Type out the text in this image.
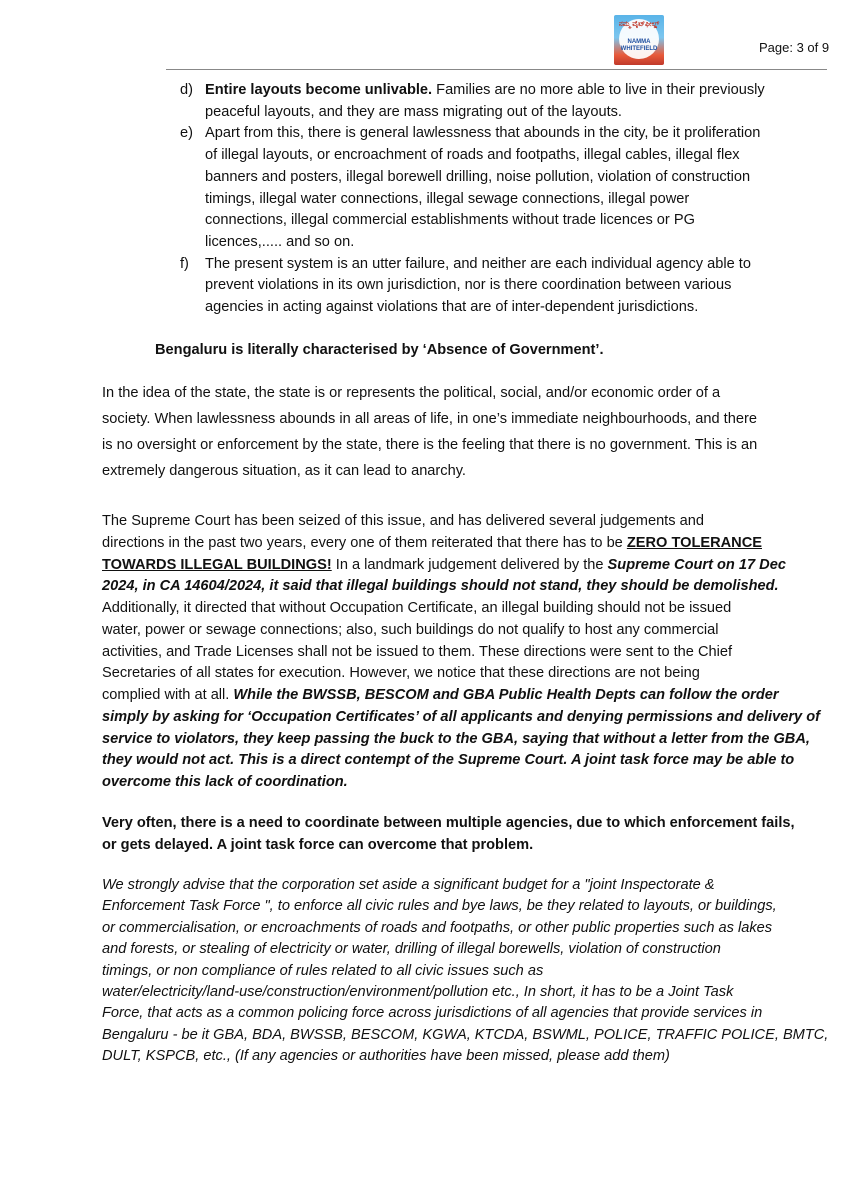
ನಮ್ಮ ವೈಟ್‌ಫೀಲ್ಡ್
NAMMA
WHITEFIELD	Page: 3 of 9
d) Entire layouts become unlivable. Families are no more able to live in their previously
peaceful layouts, and they are mass migrating out of the layouts.
e) Apart from this, there is general lawlessness that abounds in the city, be it proliferation
of illegal layouts, or encroachment of roads and footpaths, illegal cables, illegal flex
banners and posters, illegal borewell drilling, noise pollution, violation of construction
timings, illegal water connections, illegal sewage connections, illegal power
connections, illegal commercial establishments without trade licences or PG
licences,..... and so on.
f) The present system is an utter failure, and neither are each individual agency able to
prevent violations in its own jurisdiction, nor is there coordination between various
agencies in acting against violations that are of inter-dependent jurisdictions.
In the idea of the state, the state is or represents the political, social, and/or economic order of a
society. When lawlessness abounds in all areas of life, in one’s immediate neighbourhoods, and there
is no oversight or enforcement by the state, there is the feeling that there is no government. This is an
extremely dangerous situation, as it can lead to anarchy.
The Supreme Court has been seized of this issue, and has delivered several judgements and
directions in the past two years, every one of them reiterated that there has to be ZERO TOLERANCE
TOWARDS ILLEGAL BUILDINGS! In a landmark judgement delivered by the Supreme Court on 17 Dec
2024, in CA 14604/2024, it said that illegal buildings should not stand, they should be demolished.
Additionally, it directed that without Occupation Certificate, an illegal building should not be issued
water, power or sewage connections; also, such buildings do not qualify to host any commercial
activities, and Trade Licenses shall not be issued to them. These directions were sent to the Chief
Secretaries of all states for execution. However, we notice that these directions are not being
complied with at all. While the BWSSB, BESCOM and GBA Public Health Depts can follow the order
simply by asking for ‘Occupation Certificates’ of all applicants and denying permissions and delivery of
service to violators, they keep passing the buck to the GBA, saying that without a letter from the GBA,
they would not act. This is a direct contempt of the Supreme Court. A joint task force may be able to
overcome this lack of coordination.
Very often, there is a need to coordinate between multiple agencies, due to which enforcement fails,
or gets delayed. A joint task force can overcome that problem.
We strongly advise that the corporation set aside a significant budget for a "joint Inspectorate &
Enforcement Task Force ", to enforce all civic rules and bye laws, be they related to layouts, or buildings,
or commercialisation, or encroachments of roads and footpaths, or other public properties such as lakes
and forests, or stealing of electricity or water, drilling of illegal borewells, violation of construction
timings, or non compliance of rules related to all civic issues such as
water/electricity/land-use/construction/environment/pollution etc., In short, it has to be a Joint Task
Force, that acts as a common policing force across jurisdictions of all agencies that provide services in
Bengaluru - be it GBA, BDA, BWSSB, BESCOM, KGWA, KTCDA, BSWML, POLICE, TRAFFIC POLICE, BMTC,
DULT, KSPCB, etc., (If any agencies or authorities have been missed, please add them)
Bengaluru is literally characterised by ‘Absence of Government’.
